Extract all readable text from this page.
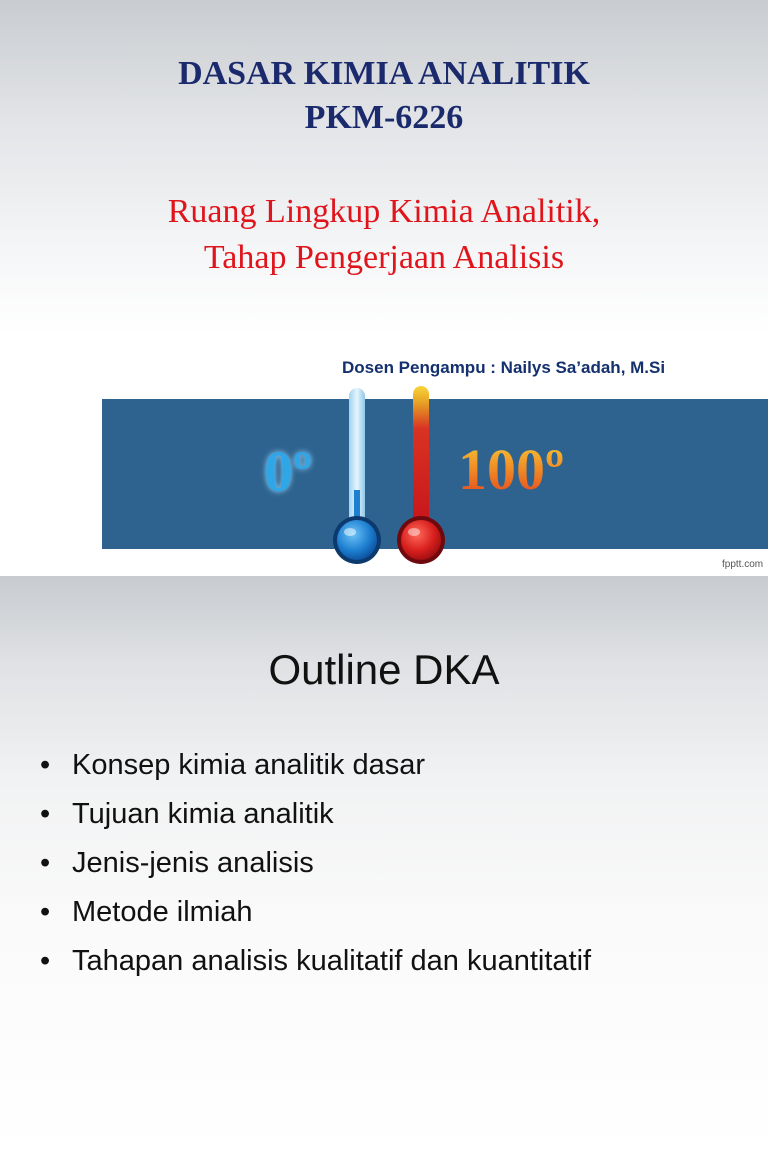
DASAR KIMIA ANALITIK
PKM-6226
Ruang Lingkup Kimia Analitik,
Tahap Pengerjaan Analisis
Dosen Pengampu : Nailys Sa’adah, M.Si
0º	100º
fpptt.com
Outline DKA
• Konsep kimia analitik dasar
• Tujuan kimia analitik
• Jenis-jenis analisis
• Metode ilmiah
• Tahapan analisis kualitatif dan kuantitatif
